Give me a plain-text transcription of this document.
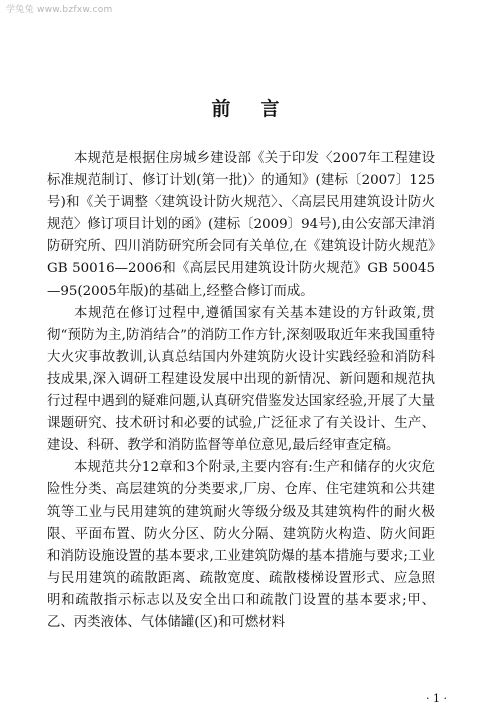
学兔兔 www.bzfxw.com
前言

本规范是根据住房城乡建设部《关于印发〈2007年工程建设标准规范制订、修订计划(第一批)〉的通知》(建标〔2007〕125号)和《关于调整〈建筑设计防火规范〉、〈高层民用建筑设计防火规范〉修订项目计划的函》(建标〔2009〕94号),由公安部天津消防研究所、四川消防研究所会同有关单位,在《建筑设计防火规范》GB 50016—2006和《高层民用建筑设计防火规范》GB 50045—95(2005年版)的基础上,经整合修订而成。

本规范在修订过程中,遵循国家有关基本建设的方针政策,贯彻“预防为主,防消结合”的消防工作方针,深刻吸取近年来我国重特大火灾事故教训,认真总结国内外建筑防火设计实践经验和消防科技成果,深入调研工程建设发展中出现的新情况、新问题和规范执行过程中遇到的疑难问题,认真研究借鉴发达国家经验,开展了大量课题研究、技术研讨和必要的试验,广泛征求了有关设计、生产、建设、科研、教学和消防监督等单位意见,最后经审查定稿。

本规范共分12章和3个附录,主要内容有:生产和储存的火灾危险性分类、高层建筑的分类要求,厂房、仓库、住宅建筑和公共建筑等工业与民用建筑的建筑耐火等级分级及其建筑构件的耐火极限、平面布置、防火分区、防火分隔、建筑防火构造、防火间距和消防设施设置的基本要求,工业建筑防爆的基本措施与要求;工业与民用建筑的疏散距离、疏散宽度、疏散楼梯设置形式、应急照明和疏散指示标志以及安全出口和疏散门设置的基本要求;甲、乙、丙类液体、气体储罐(区)和可燃材料

· 1 ·
